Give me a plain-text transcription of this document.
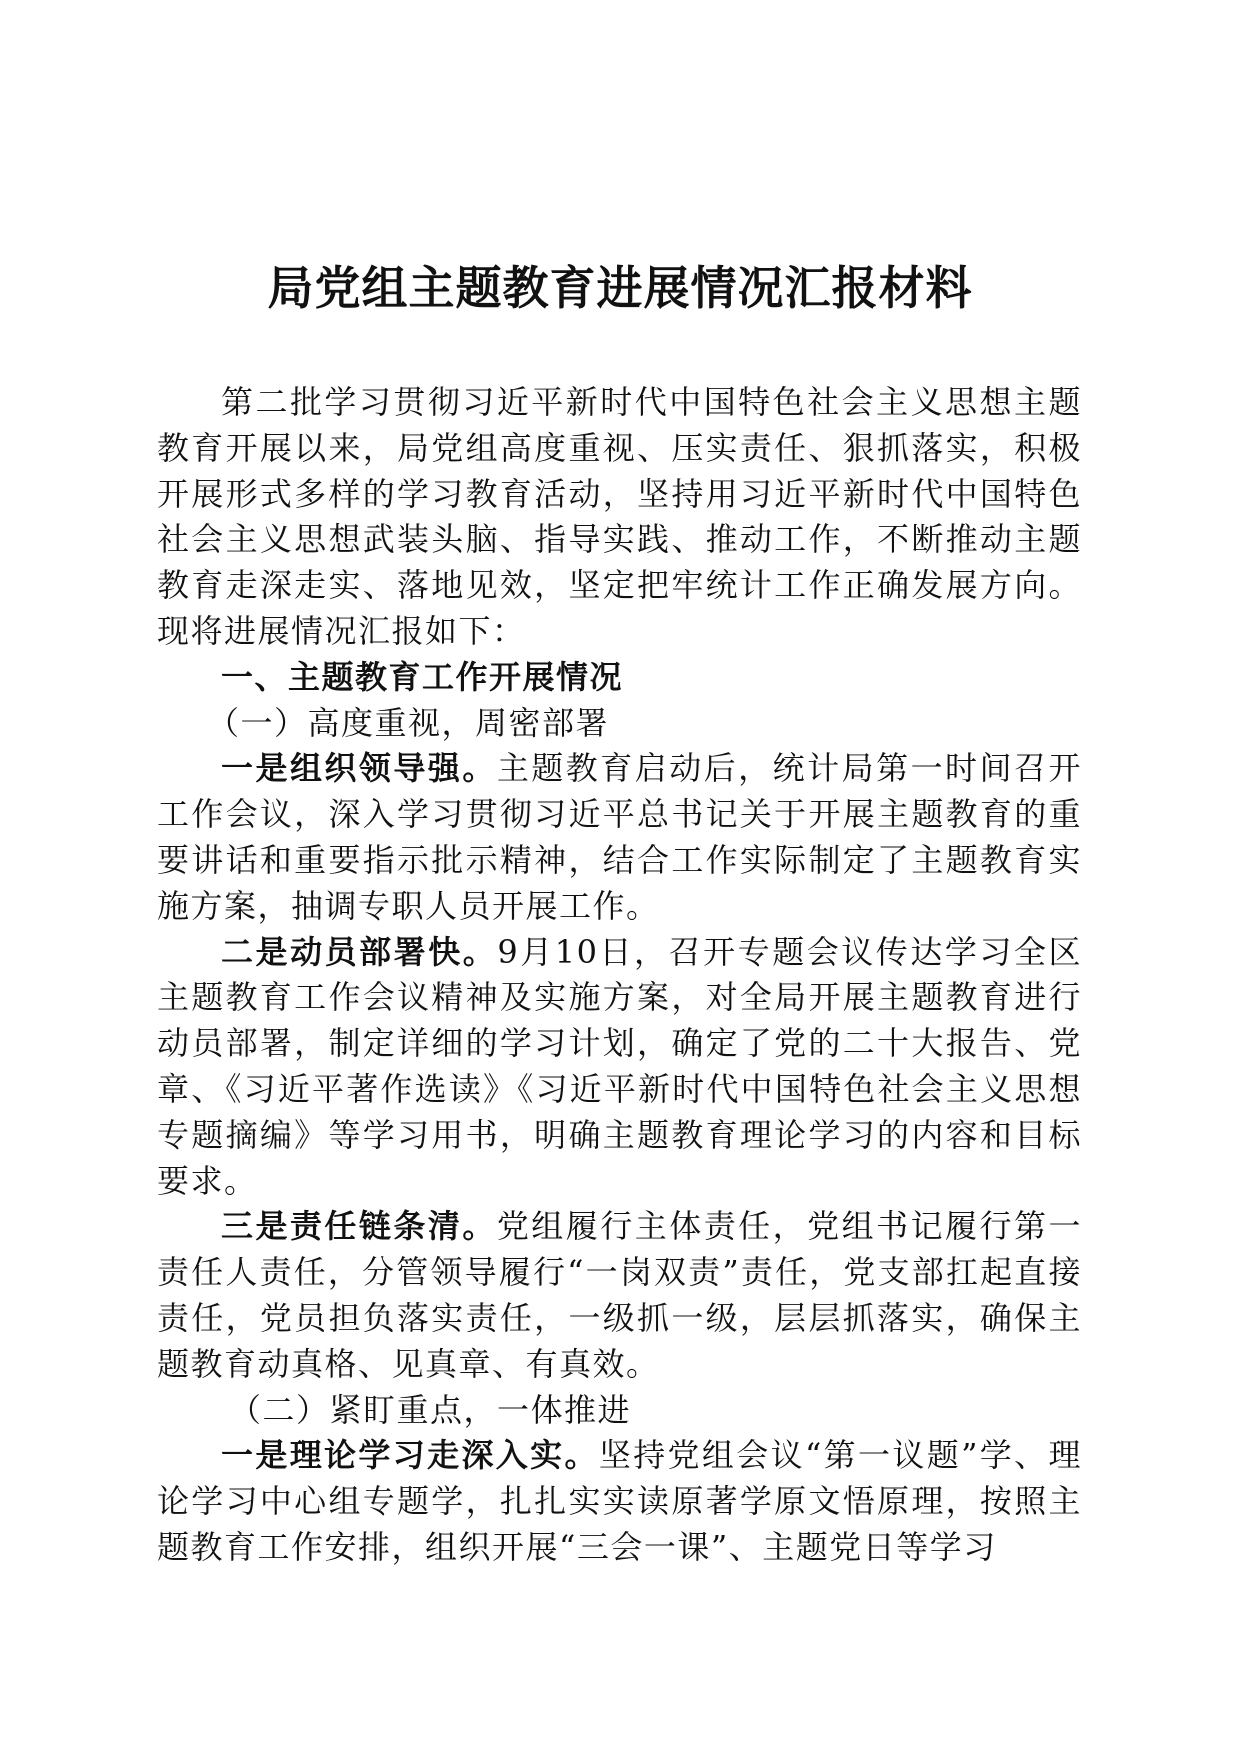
局党组主题教育进展情况汇报材料

第二批学习贯彻习近平新时代中国特色社会主义思想主题教育开展以来，局党组高度重视、压实责任、狠抓落实，积极开展形式多样的学习教育活动，坚持用习近平新时代中国特色社会主义思想武装头脑、指导实践、推动工作，不断推动主题教育走深走实、落地见效，坚定把牢统计工作正确发展方向。现将进展情况汇报如下：

一、主题教育工作开展情况

（一）高度重视，周密部署

一是组织领导强。主题教育启动后，统计局第一时间召开工作会议，深入学习贯彻习近平总书记关于开展主题教育的重要讲话和重要指示批示精神，结合工作实际制定了主题教育实施方案，抽调专职人员开展工作。

二是动员部署快。9月10日，召开专题会议传达学习全区主题教育工作会议精神及实施方案，对全局开展主题教育进行动员部署，制定详细的学习计划，确定了党的二十大报告、党章、《习近平著作选读》《习近平新时代中国特色社会主义思想专题摘编》等学习用书，明确主题教育理论学习的内容和目标要求。

三是责任链条清。党组履行主体责任，党组书记履行第一责任人责任，分管领导履行“一岗双责”责任，党支部扛起直接责任，党员担负落实责任，一级抓一级，层层抓落实，确保主题教育动真格、见真章、有真效。

（二）紧盯重点，一体推进

一是理论学习走深入实。坚持党组会议“第一议题”学、理论学习中心组专题学，扎扎实实读原著学原文悟原理，按照主题教育工作安排，组织开展“三会一课”、主题党日等学习
